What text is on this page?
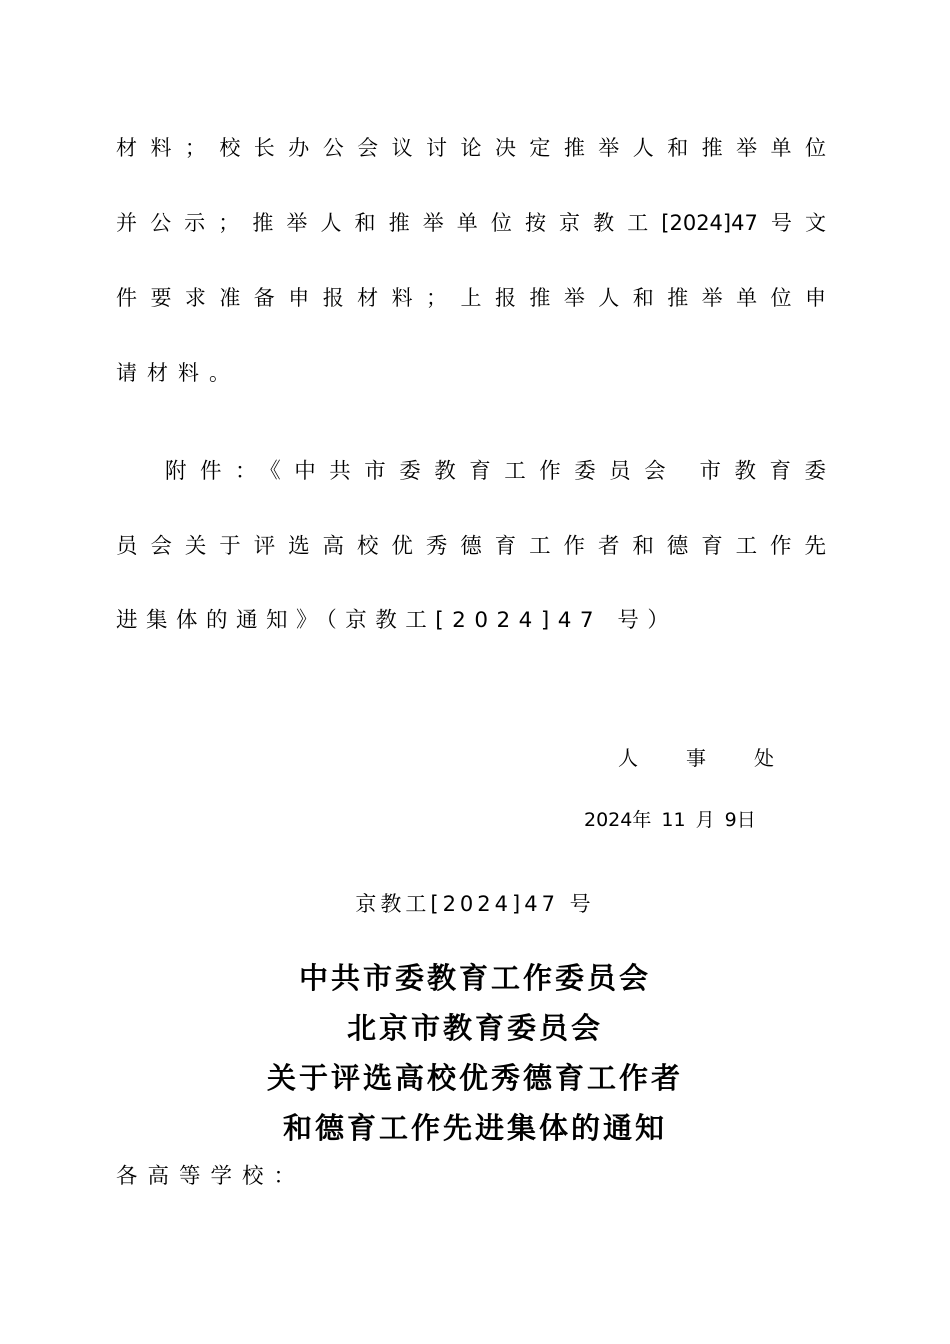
材料；校长办公会议讨论决定推举人和推举单位
并公示；推举人和推举单位按京教工[2024]47号文
件要求准备申报材料；上报推举人和推举单位申
请材料。
附件：《中共市委教育工作委员会 市教育委
员会关于评选高校优秀德育工作者和德育工作先
进集体的通知》（京教工[2024]47 号）
人事处
2024年 11 月 9日
京教工[2024]47 号
中共市委教育工作委员会
北京市教育委员会
关于评选高校优秀德育工作者
和德育工作先进集体的通知
各高等学校：
